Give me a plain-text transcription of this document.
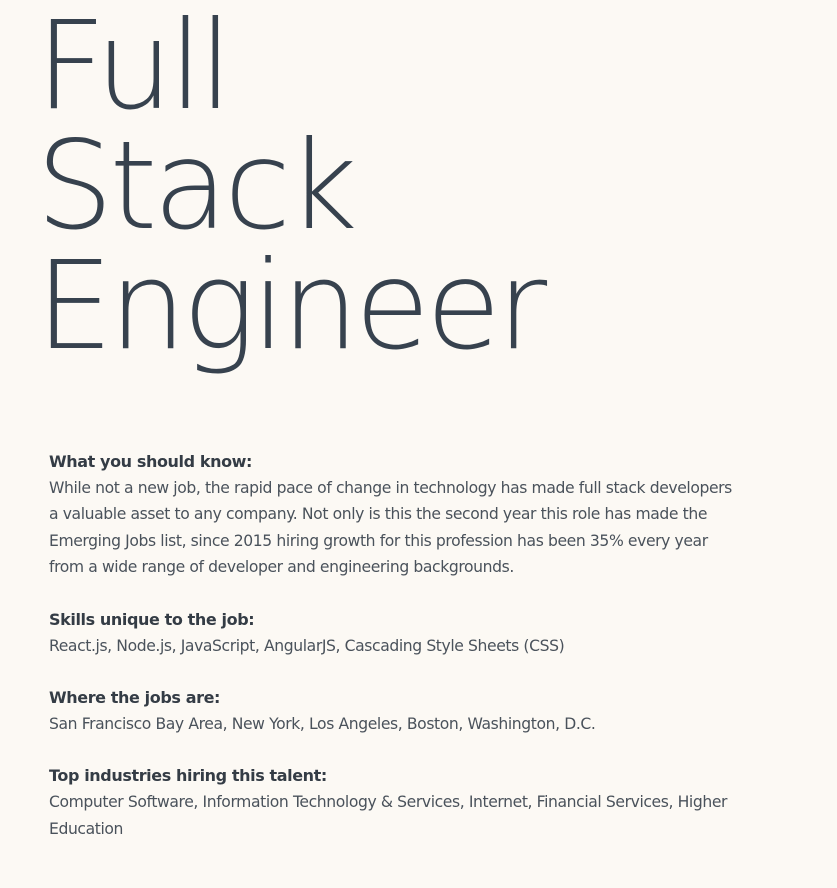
Full
Stack
Engineer

What you should know:

While not a new job, the rapid pace of change in technology has made full stack developers a valuable asset to any company. Not only is this the second year this role has made the Emerging Jobs list, since 2015 hiring growth for this profession has been 35% every year from a wide range of developer and engineering backgrounds.

Skills unique to the job:

React.js, Node.js, JavaScript, AngularJS, Cascading Style Sheets (CSS)

Where the jobs are:

San Francisco Bay Area, New York, Los Angeles, Boston, Washington, D.C.

Top industries hiring this talent:

Computer Software, Information Technology & Services, Internet, Financial Services, Higher Education
